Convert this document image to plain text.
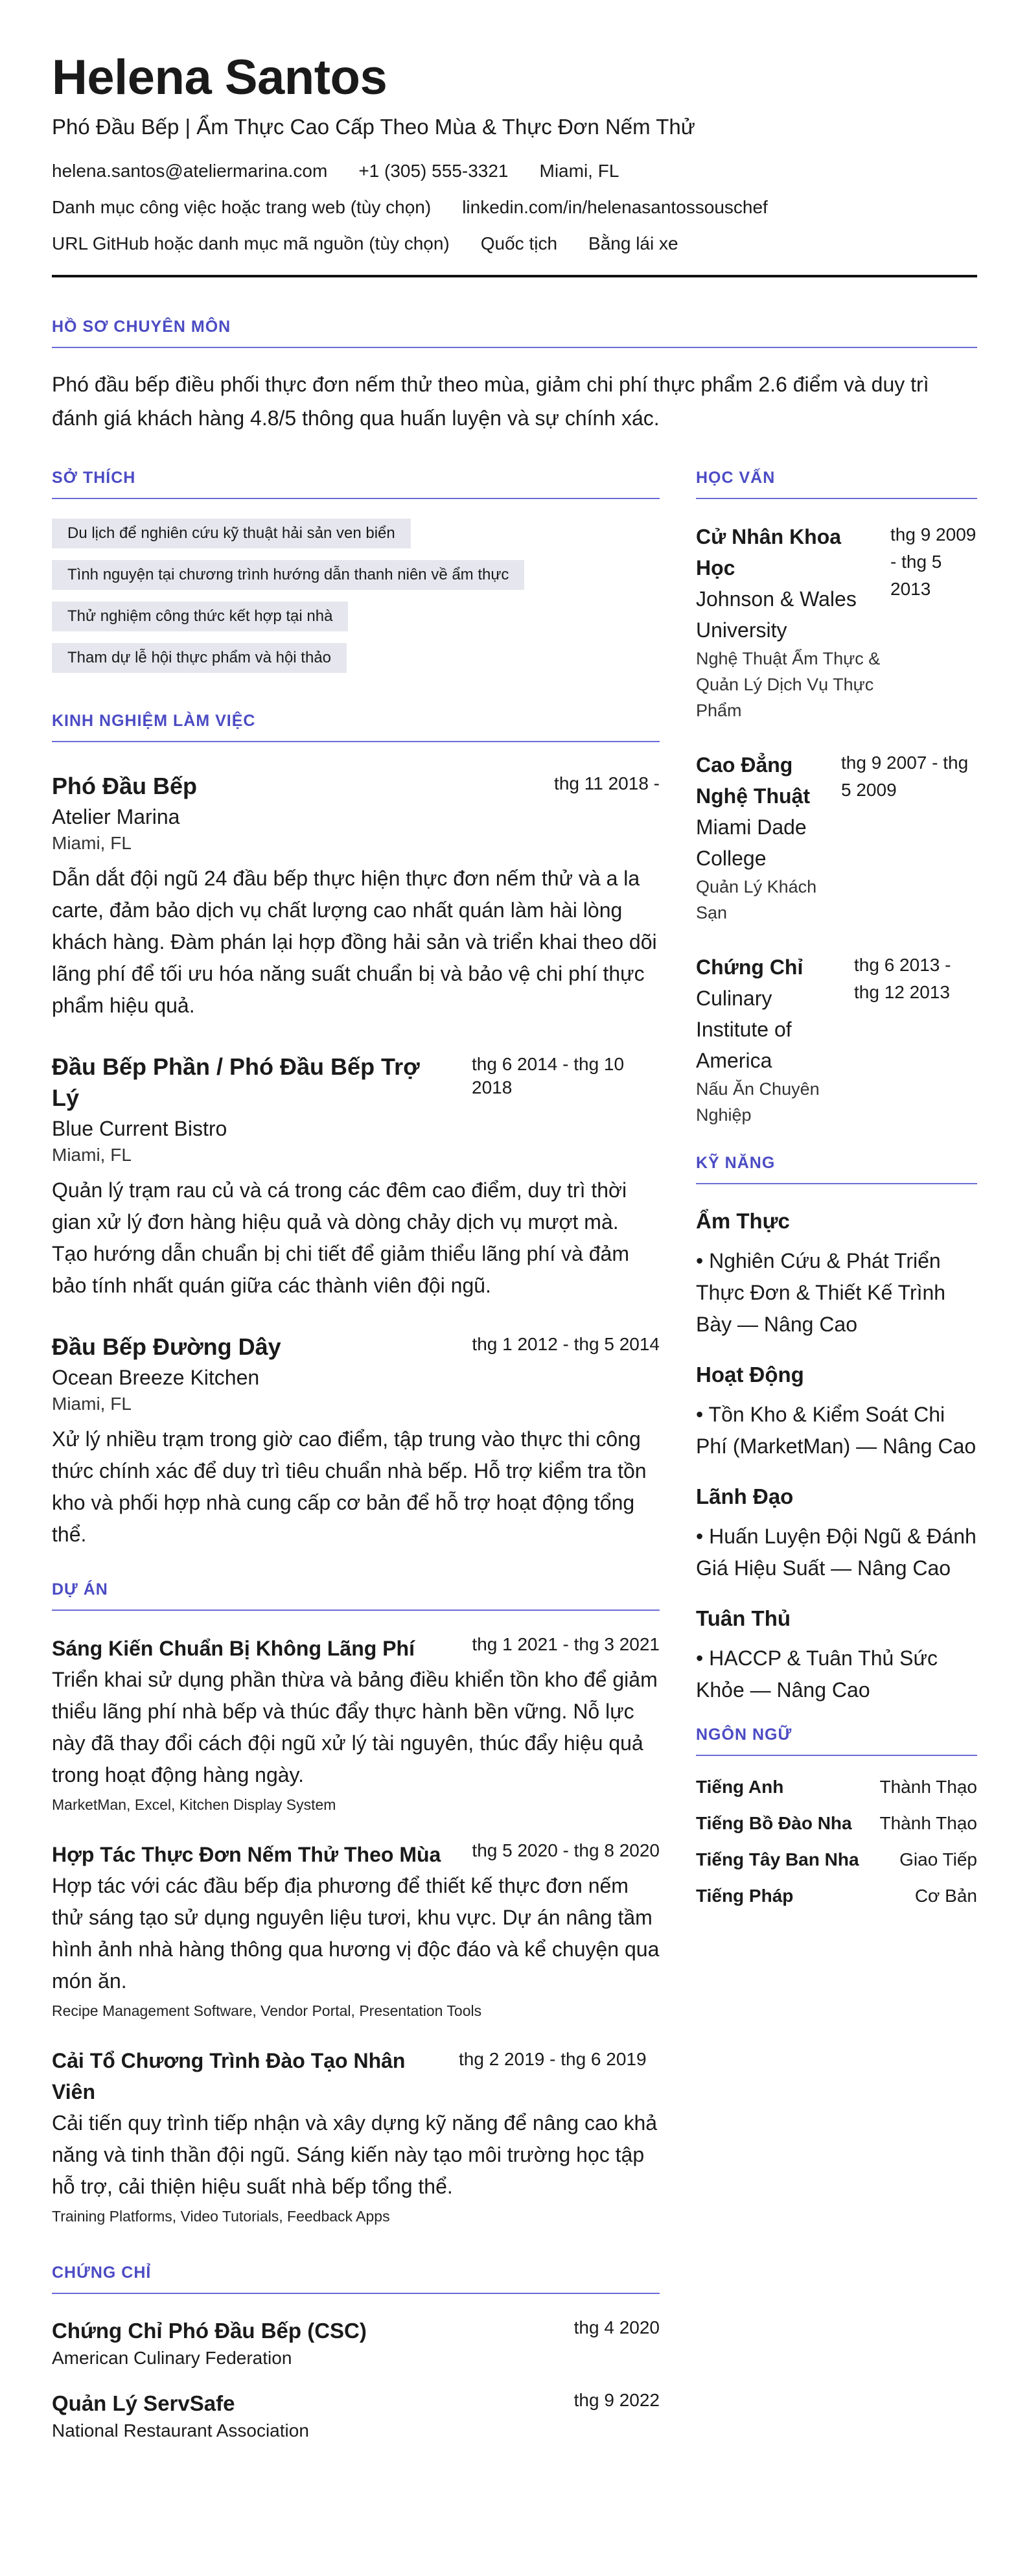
Helena Santos
Phó Đầu Bếp | Ẩm Thực Cao Cấp Theo Mùa & Thực Đơn Nếm Thử
helena.santos@ateliermarina.com +1 (305) 555-3321 Miami, FL
Danh mục công việc hoặc trang web (tùy chọn) linkedin.com/in/helenasantossouschef
URL GitHub hoặc danh mục mã nguồn (tùy chọn) Quốc tịch Bằng lái xe
HỒ SƠ CHUYÊN MÔN

Phó đầu bếp điều phối thực đơn nếm thử theo mùa, giảm chi phí thực phẩm 2.6 điểm và duy trì đánh giá khách hàng 4.8/5 thông qua huấn luyện và sự chính xác.

SỞ THÍCH
Du lịch để nghiên cứu kỹ thuật hải sản ven biển
Tình nguyện tại chương trình hướng dẫn thanh niên về ẩm thực
Thử nghiệm công thức kết hợp tại nhà
Tham dự lễ hội thực phẩm và hội thảo
KINH NGHIỆM LÀM VIỆC
Phó Đầu Bếp	thg 11 2018 -
Atelier Marina
Miami, FL
Dẫn dắt đội ngũ 24 đầu bếp thực hiện thực đơn nếm thử và a la carte, đảm bảo dịch vụ chất lượng cao nhất quán làm hài lòng khách hàng. Đàm phán lại hợp đồng hải sản và triển khai theo dõi lãng phí để tối ưu hóa năng suất chuẩn bị và bảo vệ chi phí thực phẩm hiệu quả.
Đầu Bếp Phần / Phó Đầu Bếp Trợ Lý
thg 6 2014 - thg 10 2018
Blue Current Bistro
Miami, FL
Quản lý trạm rau củ và cá trong các đêm cao điểm, duy trì thời gian xử lý đơn hàng hiệu quả và dòng chảy dịch vụ mượt mà. Tạo hướng dẫn chuẩn bị chi tiết để giảm thiểu lãng phí và đảm bảo tính nhất quán giữa các thành viên đội ngũ.
Đầu Bếp Đường Dây	thg 1 2012 - thg 5 2014
Ocean Breeze Kitchen
Miami, FL
Xử lý nhiều trạm trong giờ cao điểm, tập trung vào thực thi công thức chính xác để duy trì tiêu chuẩn nhà bếp. Hỗ trợ kiểm tra tồn kho và phối hợp nhà cung cấp cơ bản để hỗ trợ hoạt động tổng thể.
DỰ ÁN
Sáng Kiến Chuẩn Bị Không Lãng Phí	thg 1 2021 - thg 3 2021
Triển khai sử dụng phần thừa và bảng điều khiển tồn kho để giảm thiểu lãng phí nhà bếp và thúc đẩy thực hành bền vững. Nỗ lực này đã thay đổi cách đội ngũ xử lý tài nguyên, thúc đẩy hiệu quả trong hoạt động hàng ngày.
MarketMan, Excel, Kitchen Display System
Hợp Tác Thực Đơn Nếm Thử Theo Mùa thg 5 2020 - thg 8 2020
Hợp tác với các đầu bếp địa phương để thiết kế thực đơn nếm thử sáng tạo sử dụng nguyên liệu tươi, khu vực. Dự án nâng tầm hình ảnh nhà hàng thông qua hương vị độc đáo và kể chuyện qua món ăn.
Recipe Management Software, Vendor Portal, Presentation Tools
Cải Tổ Chương Trình Đào Tạo Nhân Viên
thg 2 2019 - thg 6 2019
Cải tiến quy trình tiếp nhận và xây dựng kỹ năng để nâng cao khả năng và tinh thần đội ngũ. Sáng kiến này tạo môi trường học tập hỗ trợ, cải thiện hiệu suất nhà bếp tổng thể.
Training Platforms, Video Tutorials, Feedback Apps
CHỨNG CHỈ
Chứng Chỉ Phó Đầu Bếp (CSC)	thg 4 2020
American Culinary Federation
Quản Lý ServSafe	thg 9 2022
National Restaurant Association
HỌC VẤN
Cử Nhân Khoa Học
Johnson & Wales University
Nghệ Thuật Ẩm Thực & Quản Lý Dịch Vụ Thực Phẩm
thg 9 2009 - thg 5 2013
Cao Đẳng Nghệ Thuật
Miami Dade College
Quản Lý Khách Sạn
thg 9 2007 - thg 5 2009
Chứng Chỉ
Culinary Institute of America
Nấu Ăn Chuyên Nghiệp
thg 6 2013 - thg 12 2013
KỸ NĂNG
Ẩm Thực
• Nghiên Cứu & Phát Triển Thực Đơn & Thiết Kế Trình Bày — Nâng Cao
Hoạt Động
• Tồn Kho & Kiểm Soát Chi Phí (MarketMan) — Nâng Cao
Lãnh Đạo
• Huấn Luyện Đội Ngũ & Đánh Giá Hiệu Suất — Nâng Cao
Tuân Thủ
• HACCP & Tuân Thủ Sức Khỏe — Nâng Cao
NGÔN NGỮ
Tiếng Anh	Thành Thạo
Tiếng Bồ Đào Nha Thành Thạo
Tiếng Tây Ban Nha Giao Tiếp
Tiếng Pháp	Cơ Bản
